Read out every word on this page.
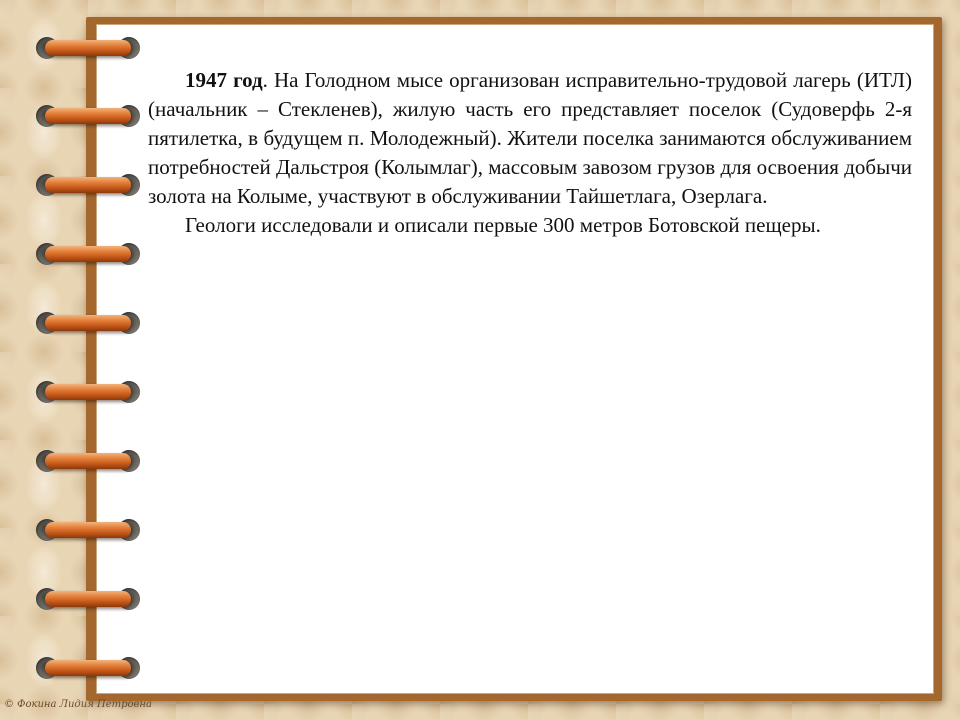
1947 год. На Голодном мысе организован исправительно-трудовой лагерь (ИТЛ) (начальник – Стекленев), жилую часть его представляет поселок (Судоверфь 2-я пятилетка, в будущем п. Молодежный). Жители поселка занимаются обслуживанием потребностей Дальстроя (Колымлаг), массовым завозом грузов для освоения добычи золота на Колыме, участвуют в обслуживании Тайшетлага, Озерлага.

Геологи исследовали и описали первые 300 метров Ботовской пещеры.

© Фокина Лидия Петровна
